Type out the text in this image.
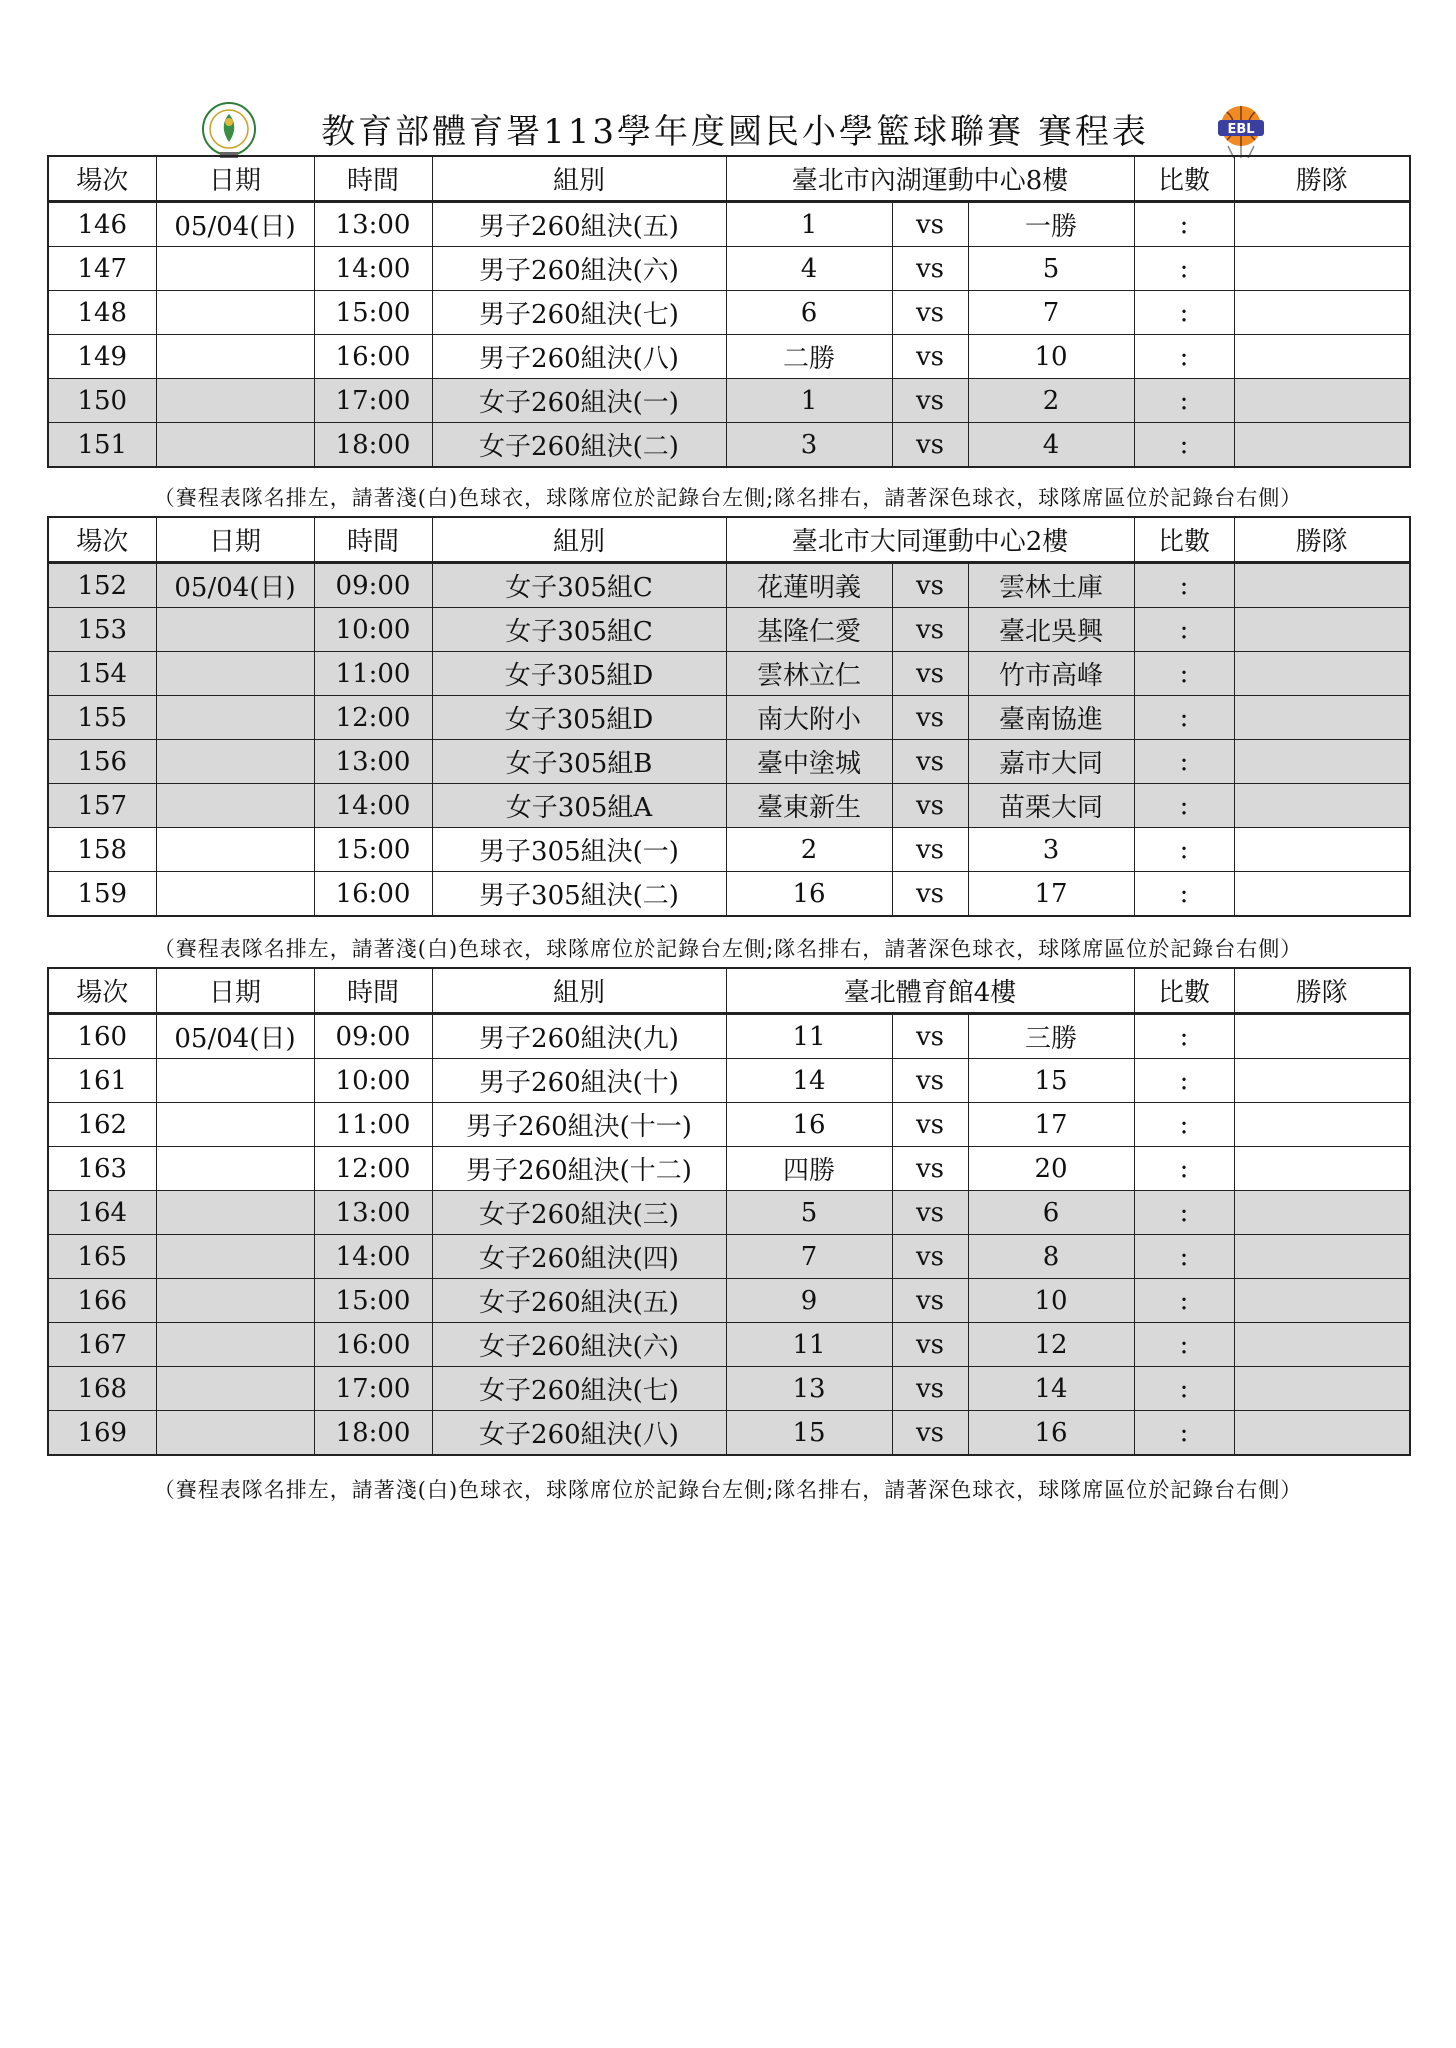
教育部體育署113學年度國民小學籃球聯賽 賽程表	EBL
場次	日期	時間	組別	臺北市內湖運動中心8樓			比數	勝隊
146	05/04(日)	13:00	男子260組決(五)	1	vs	一勝	:	
147		14:00	男子260組決(六)	4	vs	5	:	
148		15:00	男子260組決(七)	6	vs	7	:	
149		16:00	男子260組決(八)	二勝	vs	10	:	
150		17:00	女子260組決(一)	1	vs	2	:	
151		18:00	女子260組決(二)	3	vs	4	:	
（賽程表隊名排左，請著淺(白)色球衣，球隊席位於記錄台左側;隊名排右，請著深色球衣，球隊席區位於記錄台右側）
場次	日期	時間	組別	臺北市大同運動中心2樓			比數	勝隊
152	05/04(日)	09:00	女子305組C	花蓮明義	vs	雲林土庫	:	
153		10:00	女子305組C	基隆仁愛	vs	臺北吳興	:	
154		11:00	女子305組D	雲林立仁	vs	竹市高峰	:	
155		12:00	女子305組D	南大附小	vs	臺南協進	:	
156		13:00	女子305組B	臺中塗城	vs	嘉市大同	:	
157		14:00	女子305組A	臺東新生	vs	苗栗大同	:	
158		15:00	男子305組決(一)	2	vs	3	:	
159		16:00	男子305組決(二)	16	vs	17	:	
（賽程表隊名排左，請著淺(白)色球衣，球隊席位於記錄台左側;隊名排右，請著深色球衣，球隊席區位於記錄台右側）
場次	日期	時間	組別	臺北體育館4樓			比數	勝隊
160	05/04(日)	09:00	男子260組決(九)	11	vs	三勝	:	
161		10:00	男子260組決(十)	14	vs	15	:	
162		11:00	男子260組決(十一)	16	vs	17	:	
163		12:00	男子260組決(十二)	四勝	vs	20	:	
164		13:00	女子260組決(三)	5	vs	6	:	
165		14:00	女子260組決(四)	7	vs	8	:	
166		15:00	女子260組決(五)	9	vs	10	:	
167		16:00	女子260組決(六)	11	vs	12	:	
168		17:00	女子260組決(七)	13	vs	14	:	
169		18:00	女子260組決(八)	15	vs	16	:	
（賽程表隊名排左，請著淺(白)色球衣，球隊席位於記錄台左側;隊名排右，請著深色球衣，球隊席區位於記錄台右側）
